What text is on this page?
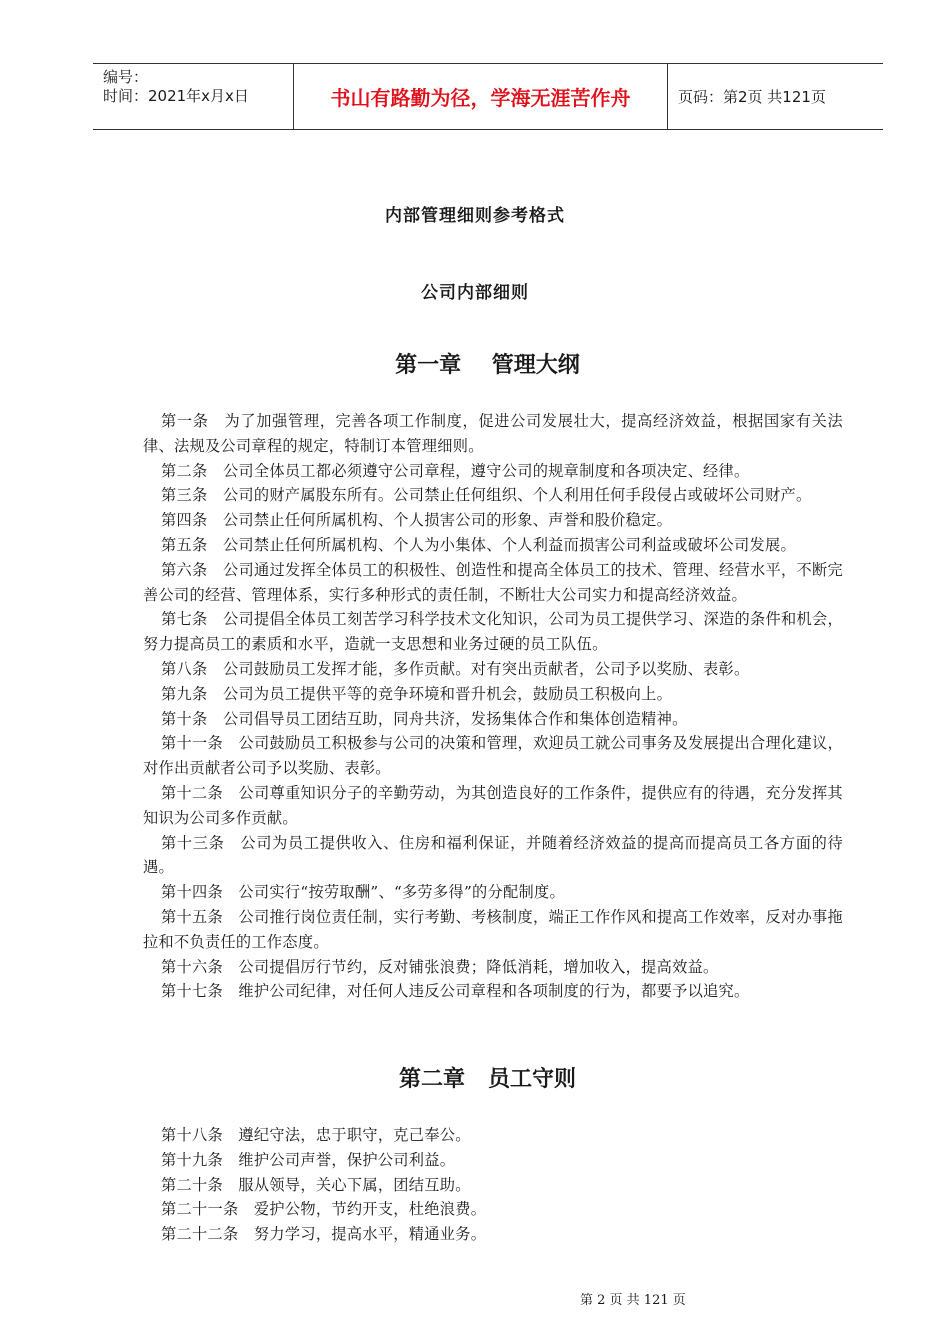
编号：
时间：2021年x月x日	书山有路勤为径，学海无涯苦作舟	页码：第2页 共121页
内部管理细则参考格式
公司内部细则
第一章    管理大纲

第一条　为了加强管理，完善各项工作制度，促进公司发展壮大，提高经济效益，根据国家有关法律、法规及公司章程的规定，特制订本管理细则。

第二条　公司全体员工都必须遵守公司章程，遵守公司的规章制度和各项决定、经律。

第三条　公司的财产属股东所有。公司禁止任何组织、个人利用任何手段侵占或破坏公司财产。

第四条　公司禁止任何所属机构、个人损害公司的形象、声誉和股价稳定。

第五条　公司禁止任何所属机构、个人为小集体、个人利益而损害公司利益或破坏公司发展。

第六条　公司通过发挥全体员工的积极性、创造性和提高全体员工的技术、管理、经营水平，不断完善公司的经营、管理体系，实行多种形式的责任制，不断壮大公司实力和提高经济效益。

第七条　公司提倡全体员工刻苦学习科学技术文化知识，公司为员工提供学习、深造的条件和机会，努力提高员工的素质和水平，造就一支思想和业务过硬的员工队伍。

第八条　公司鼓励员工发挥才能，多作贡献。对有突出贡献者，公司予以奖励、表彰。

第九条　公司为员工提供平等的竞争环境和晋升机会，鼓励员工积极向上。

第十条　公司倡导员工团结互助，同舟共济，发扬集体合作和集体创造精神。

第十一条　公司鼓励员工积极参与公司的决策和管理，欢迎员工就公司事务及发展提出合理化建议，对作出贡献者公司予以奖励、表彰。

第十二条　公司尊重知识分子的辛勤劳动，为其创造良好的工作条件，提供应有的待遇，充分发挥其知识为公司多作贡献。

第十三条　公司为员工提供收入、住房和福利保证，并随着经济效益的提高而提高员工各方面的待遇。

第十四条　公司实行“按劳取酬”、“多劳多得”的分配制度。

第十五条　公司推行岗位责任制，实行考勤、考核制度，端正工作作风和提高工作效率，反对办事拖拉和不负责任的工作态度。

第十六条　公司提倡厉行节约，反对铺张浪费；降低消耗，增加收入，提高效益。

第十七条　维护公司纪律，对任何人违反公司章程和各项制度的行为，都要予以追究。

第二章   员工守则

第十八条　遵纪守法，忠于职守，克己奉公。

第十九条　维护公司声誉，保护公司利益。

第二十条　服从领导，关心下属，团结互助。

第二十一条　爱护公物，节约开支，杜绝浪费。

第二十二条　努力学习，提高水平，精通业务。

第 2 页 共 121 页
